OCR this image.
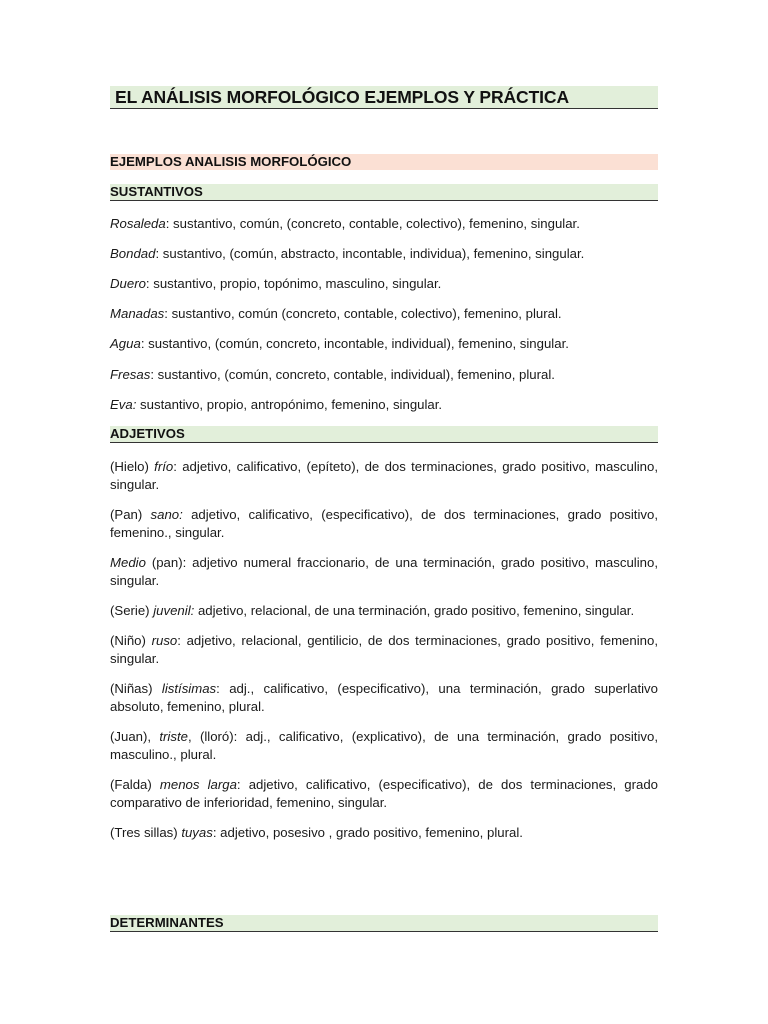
EL ANÁLISIS MORFOLÓGICO EJEMPLOS Y PRÁCTICA
EJEMPLOS ANALISIS MORFOLÓGICO
SUSTANTIVOS

Rosaleda: sustantivo, común, (concreto, contable, colectivo), femenino, singular.

Bondad: sustantivo, (común, abstracto, incontable, individua), femenino, singular.

Duero: sustantivo, propio, topónimo, masculino, singular.

Manadas: sustantivo, común (concreto, contable, colectivo), femenino, plural.

Agua: sustantivo, (común, concreto, incontable, individual), femenino, singular.

Fresas: sustantivo, (común, concreto, contable, individual), femenino, plural.

Eva: sustantivo, propio, antropónimo, femenino, singular.

ADJETIVOS

(Hielo) frío: adjetivo, calificativo, (epíteto), de dos terminaciones, grado positivo, masculino, singular.

(Pan) sano: adjetivo, calificativo, (especificativo), de dos terminaciones, grado positivo, femenino., singular.

Medio (pan): adjetivo numeral fraccionario, de una terminación, grado positivo, masculino, singular.

(Serie) juvenil: adjetivo, relacional, de una terminación, grado positivo, femenino, singular.

(Niño) ruso: adjetivo, relacional, gentilicio, de dos terminaciones, grado positivo, femenino, singular.

(Niñas) listísimas: adj., calificativo, (especificativo), una terminación, grado superlativo absoluto, femenino, plural.

(Juan), triste, (lloró): adj., calificativo, (explicativo), de una terminación, grado positivo, masculino., plural.

(Falda) menos larga: adjetivo, calificativo, (especificativo), de dos terminaciones, grado comparativo de inferioridad, femenino, singular.

(Tres sillas) tuyas: adjetivo, posesivo , grado positivo, femenino, plural.

DETERMINANTES
